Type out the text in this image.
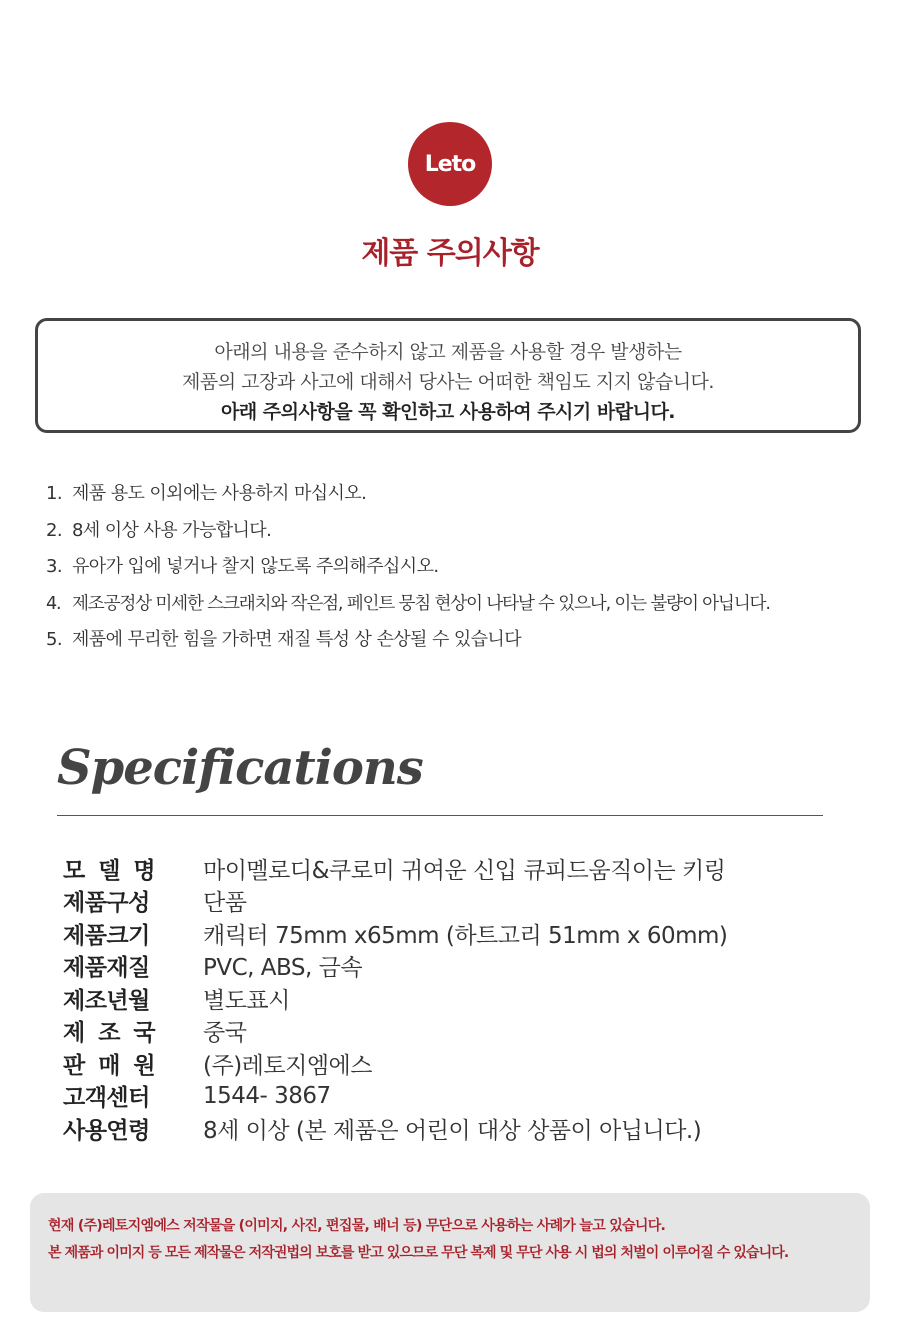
Leto
제품 주의사항
아래의 내용을 준수하지 않고 제품을 사용할 경우 발생하는
제품의 고장과 사고에 대해서 당사는 어떠한 책임도 지지 않습니다.
아래 주의사항을 꼭 확인하고 사용하여 주시기 바랍니다.
1. 제품 용도 이외에는 사용하지 마십시오.
2. 8세 이상 사용 가능합니다.
3. 유아가 입에 넣거나 찰지 않도록 주의해주십시오.
4. 제조공정상 미세한 스크래치와 작은점, 페인트 뭉침 현상이 나타날 수 있으나, 이는 불량이 아닙니다.
5. 제품에 무리한 힘을 가하면 재질 특성 상 손상될 수 있습니다
Specifications
모델명	마이멜로디&쿠로미 귀여운 신입 큐피드움직이는 키링
제품구성	단품
제품크기	캐릭터 75mm x65mm (하트고리 51mm x 60mm)
제품재질	PVC, ABS, 금속
제조년월	별도표시
제조국	중국
판매원	(주)레토지엠에스
고객센터	1544- 3867
사용연령	8세 이상 (본 제품은 어린이 대상 상품이 아닙니다.)
현재 (주)레토지엠에스 저작물을 (이미지, 사진, 편집물, 배너 등) 무단으로 사용하는 사례가 늘고 있습니다.
본 제품과 이미지 등 모든 제작물은 저작권법의 보호를 받고 있으므로 무단 복제 및 무단 사용 시 법의 처벌이 이루어질 수 있습니다.
